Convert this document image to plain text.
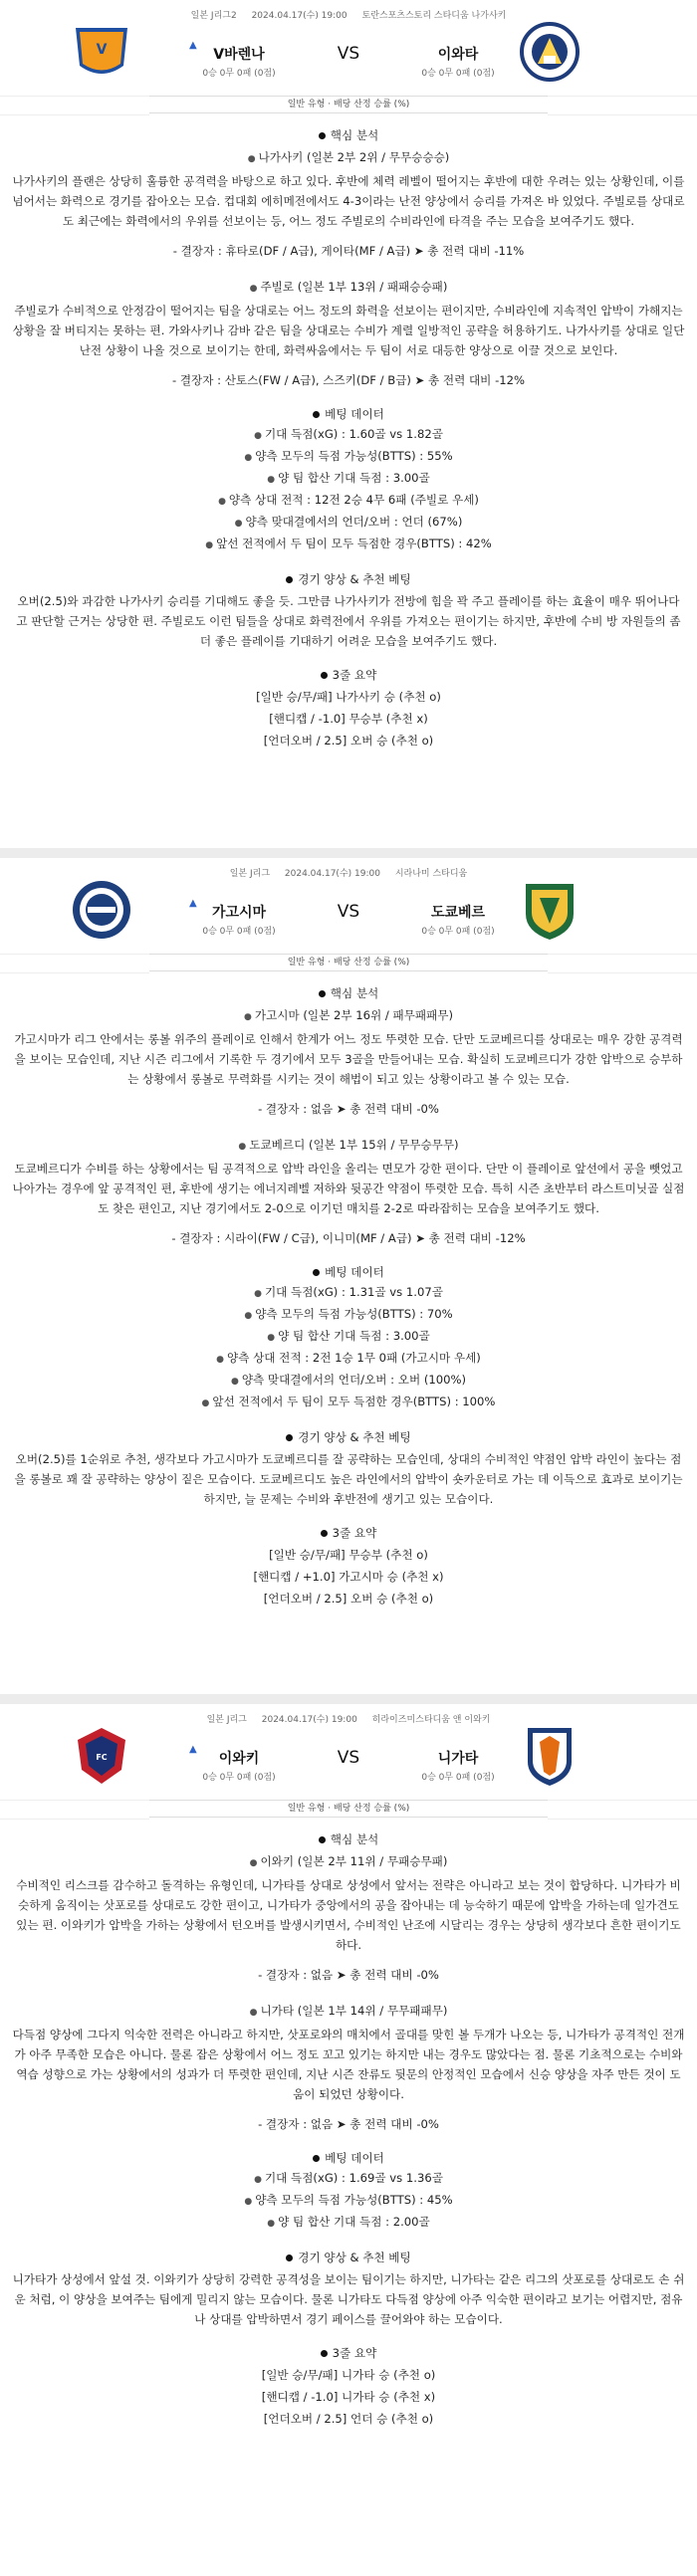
일본 J리그2 2024.04.17(수) 19:00 토란스포츠스토리 스타디움 나가사키
V	▲
V바렌나
0승 0무 0패 (0점)
VS	이와타
0승 0무 0패 (0점)
일반 유형 · 배당 산정 승률 (%)
핵심 분석
● 나가사키 (일본 2부 2위 / 무무승승승)
나가사키의 플랜은 상당히 훌륭한 공격력을 바탕으로 하고 있다. 후반에 체력 레벨이 떨어지는 후반에 대한 우려는 있는 상황인데, 이를 넘어서는 화력으로 경기를 잡아오는 모습. 컵대회 에히메전에서도 4-3이라는 난전 양상에서 승리를 가져온 바 있었다. 주빌로를 상대로도 최근에는 화력에서의 우위를 선보이는 등, 어느 정도 주빌로의 수비라인에 타격을 주는 모습을 보여주기도 했다.
- 결장자 : 휴타로(DF / A급), 게이타(MF / A급) ➤ 총 전력 대비 -11%
● 주빌로 (일본 1부 13위 / 패패승승패)
주빌로가 수비적으로 안정감이 떨어지는 팀을 상대로는 어느 정도의 화력을 선보이는 편이지만, 수비라인에 지속적인 압박이 가해지는 상황을 잘 버티지는 못하는 편. 가와사키나 감바 같은 팀을 상대로는 수비가 계렬 일방적인 공략을 허용하기도. 나가사키를 상대로 일단 난전 상황이 나올 것으로 보이기는 한데, 화력싸움에서는 두 팀이 서로 대등한 양상으로 이끌 것으로 보인다.
- 결장자 : 산토스(FW / A급), 스즈키(DF / B급) ➤ 총 전력 대비 -12%
베팅 데이터
● 기대 득점(xG) : 1.60골 vs 1.82골
● 양측 모두의 득점 가능성(BTTS) : 55%
● 양 팀 합산 기대 득점 : 3.00골
● 양측 상대 전적 : 12전 2승 4무 6패 (주빌로 우세)
● 양측 맞대결에서의 언더/오버 : 언더 (67%)
● 앞선 전적에서 두 팀이 모두 득점한 경우(BTTS) : 42%
경기 양상 & 추천 베팅
오버(2.5)와 과감한 나가사키 승리를 기대해도 좋을 듯. 그만큼 나가사키가 전방에 힘을 꽉 주고 플레이를 하는 효율이 매우 뛰어나다고 판단할 근거는 상당한 편. 주빌로도 이런 팀들을 상대로 화력전에서 우위를 가져오는 편이기는 하지만, 후반에 수비 방 자원들의 좀 더 좋은 플레이를 기대하기 어려운 모습을 보여주기도 했다.
3줄 요약
[일반 승/무/패] 나가사키 승 (추천 o)
[핸디캡 / -1.0] 무승부 (추천 x)
[언더오버 / 2.5] 오버 승 (추천 o)
일본 J리그 2024.04.17(수) 19:00 시라나미 스타디움
▲
가고시마
0승 0무 0패 (0점)
VS	도쿄베르
0승 0무 0패 (0점)
일반 유형 · 배당 산정 승률 (%)
핵심 분석
● 가고시마 (일본 2부 16위 / 패무패패무)
가고시마가 리그 안에서는 롱볼 위주의 플레이로 인해서 한계가 어느 정도 뚜렷한 모습. 단만 도쿄베르디를 상대로는 매우 강한 공격력을 보이는 모습인데, 지난 시즌 리그에서 기록한 두 경기에서 모두 3골을 만들어내는 모습. 확실히 도쿄베르디가 강한 압박으로 승부하는 상황에서 롱볼로 무력화를 시키는 것이 해법이 되고 있는 상황이라고 볼 수 있는 모습.
- 결장자 : 없음 ➤ 총 전력 대비 -0%
● 도쿄베르디 (일본 1부 15위 / 무무승무무)
도쿄베르디가 수비를 하는 상황에서는 팀 공격적으로 압박 라인을 올리는 면모가 강한 편이다. 단만 이 플레이로 앞선에서 공을 뺏었고 나아가는 경우에 앞 공격적인 편, 후반에 생기는 에너지레벨 저하와 뒷공간 약점이 뚜렷한 모습. 특히 시즌 초반부터 라스트미닛골 실점도 찾은 편인고, 지난 경기에서도 2-0으로 이기던 매치를 2-2로 따라잡히는 모습을 보여주기도 했다.
- 결장자 : 시라이(FW / C급), 이니미(MF / A급) ➤ 총 전력 대비 -12%
베팅 데이터
● 기대 득점(xG) : 1.31골 vs 1.07골
● 양측 모두의 득점 가능성(BTTS) : 70%
● 양 팀 합산 기대 득점 : 3.00골
● 양측 상대 전적 : 2전 1승 1무 0패 (가고시마 우세)
● 양측 맞대결에서의 언더/오버 : 오버 (100%)
● 앞선 전적에서 두 팀이 모두 득점한 경우(BTTS) : 100%
경기 양상 & 추천 베팅
오버(2.5)를 1순위로 추천, 생각보다 가고시마가 도쿄베르디를 잘 공략하는 모습인데, 상대의 수비적인 약점인 압박 라인이 높다는 점을 롱볼로 꽤 잘 공략하는 양상이 짙은 모습이다. 도쿄베르디도 높은 라인에서의 압박이 숏카운터로 가는 데 이득으로 효과로 보이기는 하지만, 늘 문제는 수비와 후반전에 생기고 있는 모습이다.
3줄 요약
[일반 승/무/패] 무승부 (추천 o)
[핸디캡 / +1.0] 가고시마 승 (추천 x)
[언더오버 / 2.5] 오버 승 (추천 o)
일본 J리그 2024.04.17(수) 19:00 히라이즈미스타디움 앤 이와키
FC
▲
이와키
0승 0무 0패 (0점)
VS	니가타
0승 0무 0패 (0점)
일반 유형 · 배당 산정 승률 (%)
핵심 분석
● 이와키 (일본 2부 11위 / 무패승무패)
수비적인 리스크를 감수하고 돌격하는 유형인데, 니가타를 상대로 상성에서 앞서는 전략은 아니라고 보는 것이 합당하다. 니가타가 비슷하게 움직이는 삿포로를 상대로도 강한 편이고, 니가타가 중앙에서의 공을 잡아내는 데 능숙하기 때문에 압박을 가하는데 일가견도 있는 편. 이와키가 압박을 가하는 상황에서 턴오버를 발생시키면서, 수비적인 난조에 시달리는 경우는 상당히 생각보다 흔한 편이기도 하다.
- 결장자 : 없음 ➤ 총 전력 대비 -0%
● 니가타 (일본 1부 14위 / 무무패패무)
다득점 양상에 그다지 익숙한 전력은 아니라고 하지만, 삿포로와의 매치에서 골대를 맞힌 볼 두개가 나오는 등, 니가타가 공격적인 전개가 아주 무족한 모습은 아니다. 물론 잡은 상황에서 어느 정도 꼬고 있기는 하지만 내는 경우도 많았다는 점. 물론 기초적으로는 수비와 역습 성향으로 가는 상황에서의 성과가 더 뚜렷한 편인데, 지난 시즌 잔류도 뒷문의 안정적인 모습에서 신승 양상을 자주 만든 것이 도움이 되었던 상황이다.
- 결장자 : 없음 ➤ 총 전력 대비 -0%
베팅 데이터
● 기대 득점(xG) : 1.69골 vs 1.36골
● 양측 모두의 득점 가능성(BTTS) : 45%
● 양 팀 합산 기대 득점 : 2.00골
경기 양상 & 추천 베팅
니가타가 상성에서 앞설 것. 이와키가 상당히 강력한 공격성을 보이는 팀이기는 하지만, 니가타는 같은 리그의 삿포로를 상대로도 손 쉬운 처럼, 이 양상을 보여주는 팀에게 밀리지 않는 모습이다. 물론 니가타도 다득점 양상에 아주 익숙한 편이라고 보기는 어렵지만, 점유나 상대를 압박하면서 경기 페이스를 끌어와야 하는 모습이다.
3줄 요약
[일반 승/무/패] 니가타 승 (추천 o)
[핸디캡 / -1.0] 니가타 승 (추천 x)
[언더오버 / 2.5] 언더 승 (추천 o)
